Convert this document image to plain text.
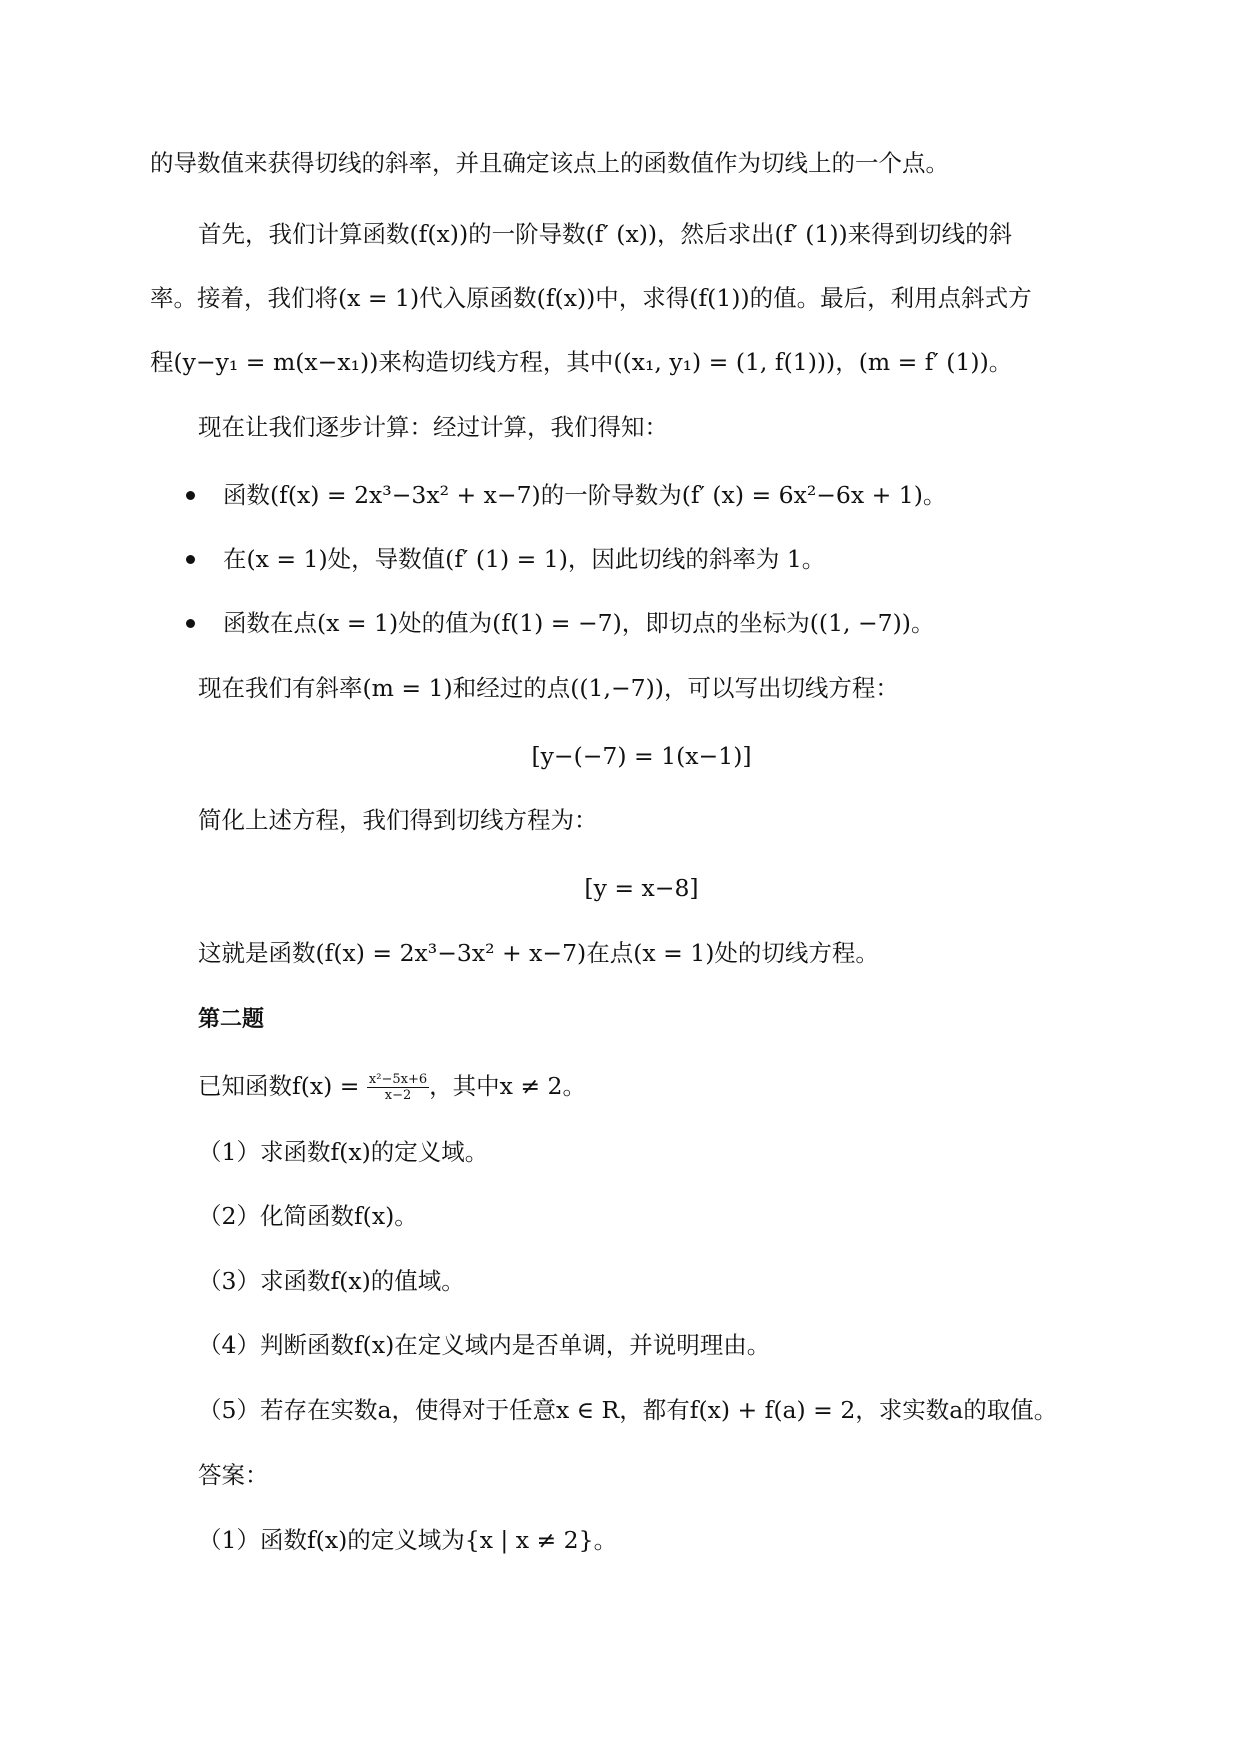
的导数值来获得切线的斜率，并且确定该点上的函数值作为切线上的一个点。
首先，我们计算函数(f(x))的一阶导数(f′ (x))，然后求出(f′ (1))来得到切线的斜
率。接着，我们将(x = 1)代入原函数(f(x))中，求得(f(1))的值。最后，利用点斜式方
程(y−y₁ = m(x−x₁))来构造切线方程，其中((x₁, y₁) = (1, f(1)))，(m = f′ (1))。
现在让我们逐步计算：经过计算，我们得知：
函数(f(x) = 2x³−3x² + x−7)的一阶导数为(f′ (x) = 6x²−6x + 1)。
在(x = 1)处，导数值(f′ (1) = 1)，因此切线的斜率为 1。
函数在点(x = 1)处的值为(f(1) = −7)，即切点的坐标为((1, −7))。
现在我们有斜率(m = 1)和经过的点((1,−7))，可以写出切线方程：
[y−(−7) = 1(x−1)]
简化上述方程，我们得到切线方程为：
[y = x−8]
这就是函数(f(x) = 2x³−3x² + x−7)在点(x = 1)处的切线方程。
第二题
已知函数$f(x) = \frac{\text{x²−5x+6}}{x-2}$ ，其中x ≠ 2。
（1）求函数f(x)的定义域。
（2）化简函数f(x)。
（3）求函数f(x)的值域。
（4）判断函数f(x)在定义域内是否单调，并说明理由。
（5）若存在实数a，使得对于任意x ∈ R，都有f(x) + f(a) = 2，求实数a的取值。
答案：
（1）函数f(x)的定义域为{x | x ≠ 2}。
